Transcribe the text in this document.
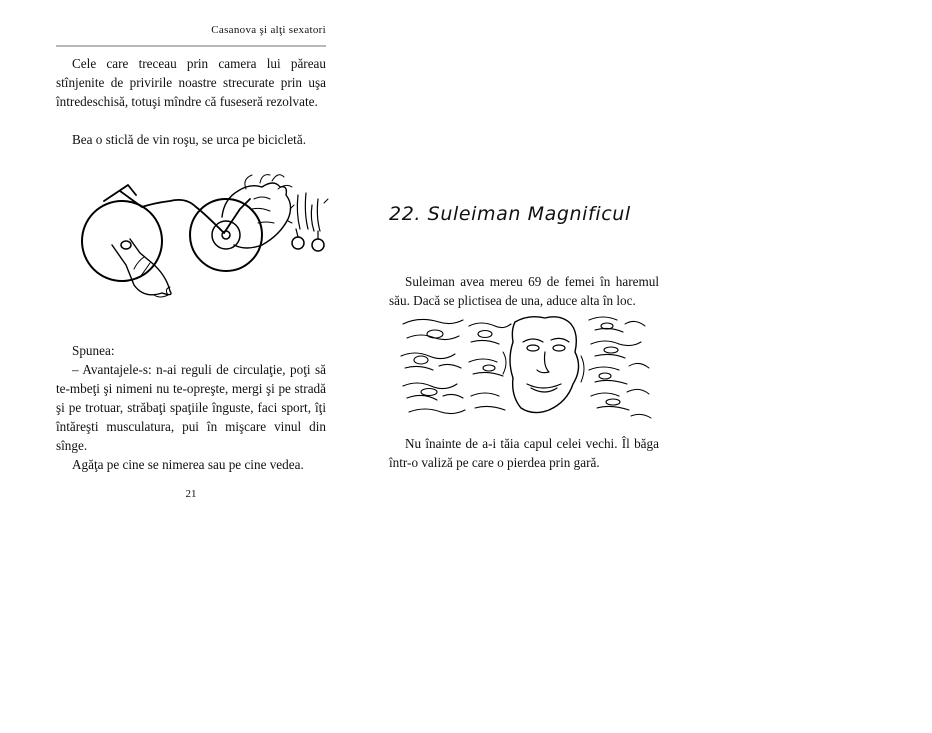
Casanova şi alţi sexatori

Cele care treceau prin camera lui păreau stînjenite de privirile noastre strecurate prin uşa întredeschisă, totuşi mîndre că fuseseră rezolvate.

Bea o sticlă de vin roşu, se urca pe bicicletă.

Spunea:

– Avantajele-s: n-ai reguli de circulaţie, poţi să te-mbeţi şi nimeni nu te-opreşte, mergi şi pe stradă şi pe trotuar, străbaţi spaţiile înguste, faci sport, îţi întăreşti musculatura, pui în mişcare vinul din sînge.

Agăţa pe cine se nimerea sau pe cine vedea.

21
22. Suleiman Magnificul

Suleiman avea mereu 69 de femei în haremul său. Dacă se plictisea de una, aduce alta în loc.

Nu înainte de a-i tăia capul celei vechi. Îl băga într-o valiză pe care o pierdea prin gară.
